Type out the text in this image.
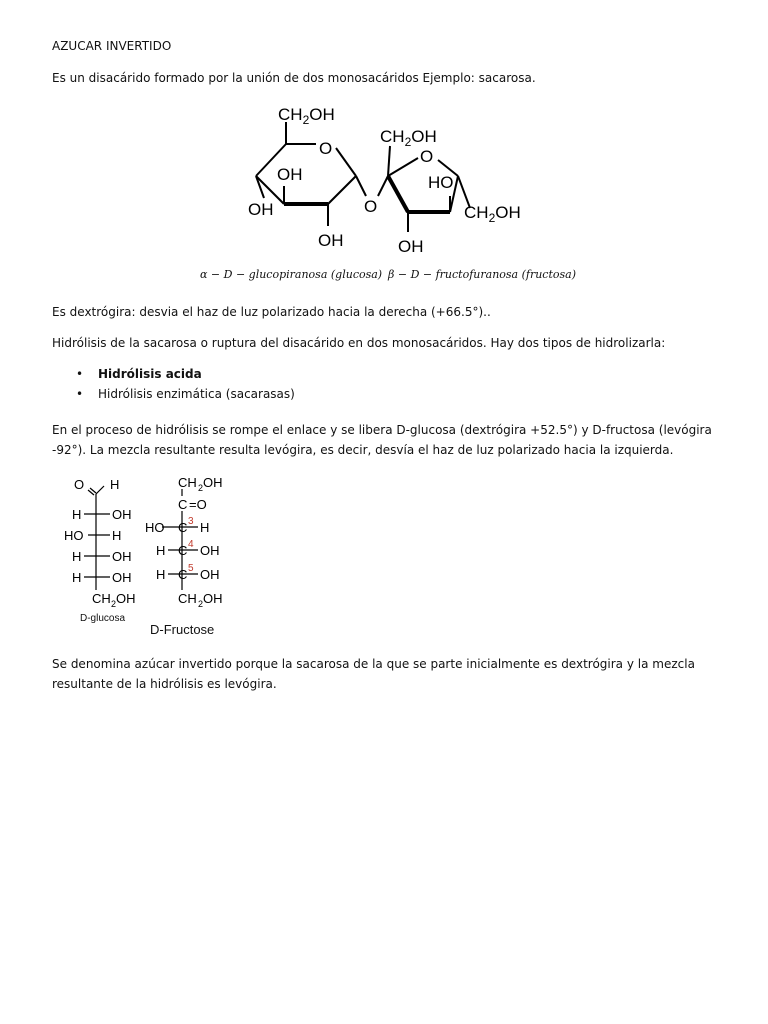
AZUCAR INVERTIDO
Es un disacárido formado por la unión de dos monosacáridos Ejemplo: sacarosa.
$CH_2OH$
O
OH
OH
OH
O
$CH_2OH$
O
HO
$CH_2OH$
OH
α − D − glucopiranosa (glucosa) β − D − fructofuranosa (fructosa)
Es dextrógira: desvia el haz de luz polarizado hacia la derecha (+66.5°)..
Hidrólisis de la sacarosa o ruptura del disacárido en dos monosacáridos. Hay dos tipos de hidrolizarla:
• Hidrólisis acida
• Hidrólisis enzimática (sacarasas)
En el proceso de hidrólisis se rompe el enlace y se libera D-glucosa (dextrógira +52.5°) y D-fructosa (levógira -92°). La mezcla resultante resulta levógira, es decir, desvía el haz de luz polarizado hacia la izquierda.
O H
H OH
HO H
H OH
H OH
CH 2 OH
D-glucosa
CH 2 OH
C =O
HO C H
H C OH
H C OH
CH 2 OH
3
4
5
D-Fructose
Se denomina azúcar invertido porque la sacarosa de la que se parte inicialmente es dextrógira y la mezcla resultante de la hidrólisis es levógira.
